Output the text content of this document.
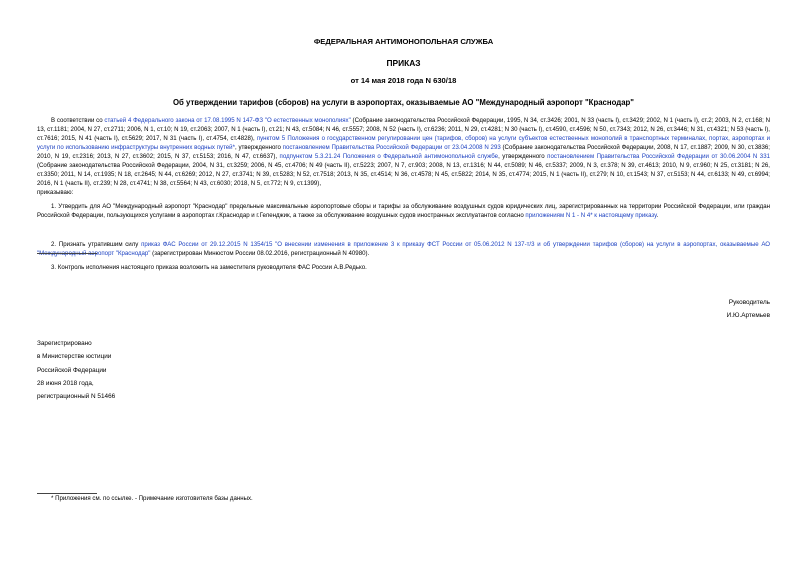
ФЕДЕРАЛЬНАЯ АНТИМОНОПОЛЬНАЯ СЛУЖБА
ПРИКАЗ
от 14 мая 2018 года N 630/18
Об утверждении тарифов (сборов) на услуги в аэропортах, оказываемые АО "Международный аэропорт "Краснодар"

В соответствии со статьей 4 Федерального закона от 17.08.1995 N 147-ФЗ "О естественных монополиях" (Собрание законодательства Российской Федерации, 1995, N 34, ст.3426; 2001, N 33 (часть I), ст.3429; 2002, N 1 (часть I), ст.2; 2003, N 2, ст.168; N 13, ст.1181; 2004, N 27, ст.2711; 2006, N 1, ст.10; N 19, ст.2063; 2007, N 1 (часть I), ст.21; N 43, ст.5084; N 46, ст.5557; 2008, N 52 (часть I), ст.6236; 2011, N 29, ст.4281; N 30 (часть I), ст.4590, ст.4596; N 50, ст.7343; 2012, N 26, ст.3446; N 31, ст.4321; N 53 (часть I), ст.7616; 2015, N 41 (часть I), ст.5629; 2017, N 31 (часть I), ст.4754, ст.4828), пунктом 5 Положения о государственном регулировании цен (тарифов, сборов) на услуги субъектов естественных монополий в транспортных терминалах, портах, аэропортах и услуги по использованию инфраструктуры внутренних водных путей*, утвержденного постановлением Правительства Российской Федерации от 23.04.2008 N 293 (Собрание законодательства Российской Федерации, 2008, N 17, ст.1887; 2009, N 30, ст.3836; 2010, N 19, ст.2316; 2013, N 27, ст.3602; 2015, N 37, ст.5153; 2016, N 47, ст.6637), подпунктом 5.3.21.24 Положения о Федеральной антимонопольной службе, утвержденного постановлением Правительства Российской Федерации от 30.06.2004 N 331 (Собрание законодательства Российской Федерации, 2004, N 31, ст.3259; 2006, N 45, ст.4706; N 49 (часть II), ст.5223; 2007, N 7, ст.903; 2008, N 13, ст.1316; N 44, ст.5089; N 46, ст.5337; 2009, N 3, ст.378; N 39, ст.4613; 2010, N 9, ст.960; N 25, ст.3181; N 26, ст.3350; 2011, N 14, ст.1935; N 18, ст.2645; N 44, ст.6269; 2012, N 27, ст.3741; N 39, ст.5283; N 52, ст.7518; 2013, N 35, ст.4514; N 36, ст.4578; N 45, ст.5822; 2014, N 35, ст.4774; 2015, N 1 (часть II), ст.279; N 10, ст.1543; N 37, ст.5153; N 44, ст.6133; N 49, ст.6994; 2016, N 1 (часть II), ст.239; N 28, ст.4741; N 38, ст.5564; N 43, ст.6030; 2018, N 5, ст.772; N 9, ст.1399),

приказываю:

1. Утвердить для АО "Международный аэропорт "Краснодар" предельные максимальные аэропортовые сборы и тарифы за обслуживание воздушных судов юридических лиц, зарегистрированных на территории Российской Федерации, или граждан Российской Федерации, пользующихся услугами в аэропортах г.Краснодар и г.Геленджик, а также за обслуживание воздушных судов иностранных эксплуатантов согласно приложениям N 1 - N 4* к настоящему приказу.

2. Признать утратившим силу приказ ФАС России от 29.12.2015 N 1354/15 "О внесении изменения в приложение 3 к приказу ФСТ России от 05.06.2012 N 137-т/3 и об утверждении тарифов (сборов) на услуги в аэропортах, оказываемые АО "Международный аэропорт "Краснодар" (зарегистрирован Минюстом России 08.02.2016, регистрационный N 40980).

3. Контроль исполнения настоящего приказа возложить на заместителя руководителя ФАС России А.В.Редько.

Руководитель
И.Ю.Артемьев
Зарегистрировано
в Министерстве юстиции
Российской Федерации
28 июня 2018 года,
регистрационный N 51466
* Приложения см. по ссылке. - Примечание изготовителя базы данных.
